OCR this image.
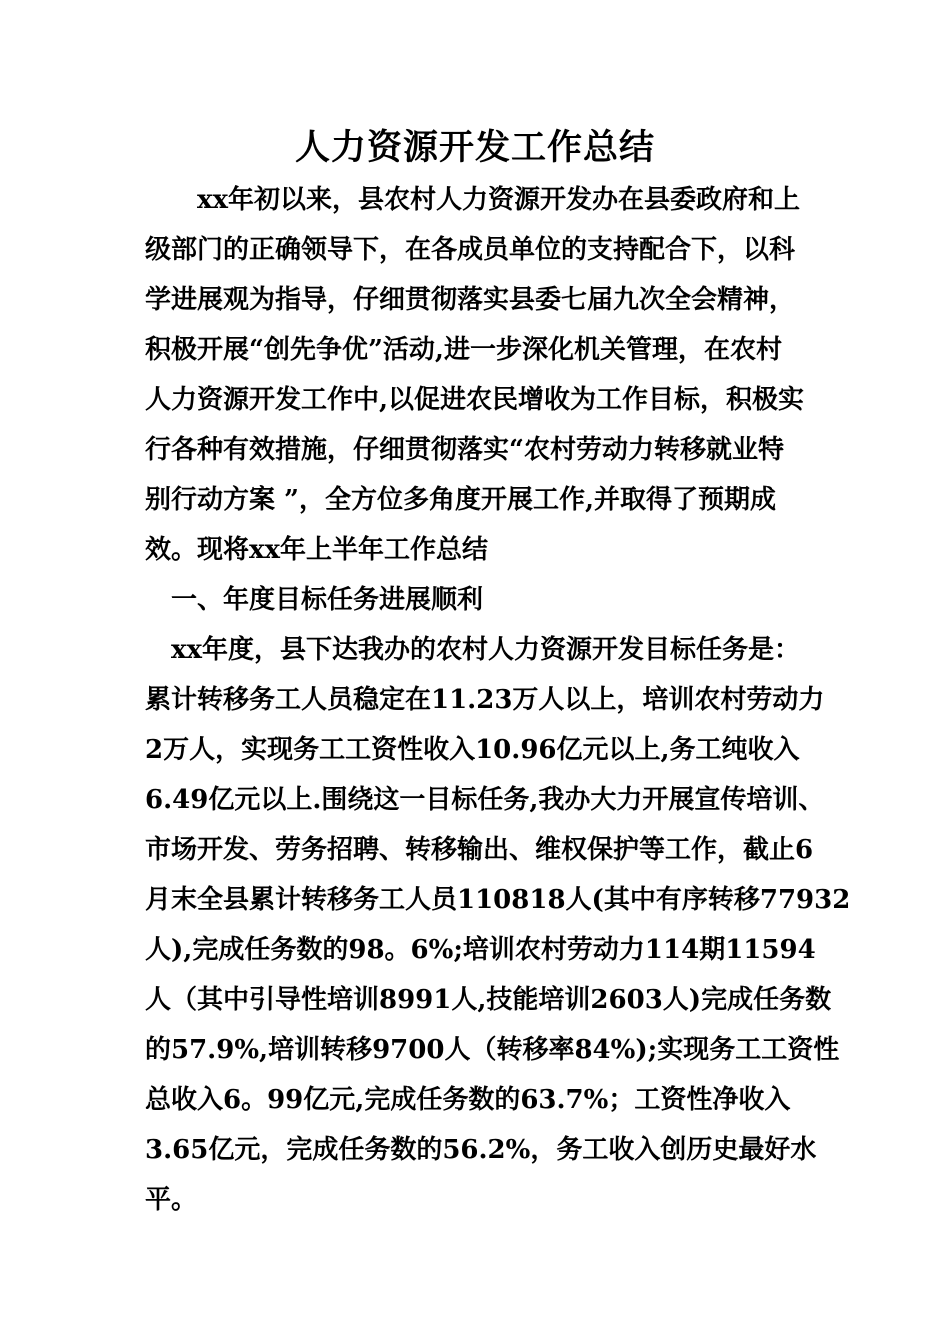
人力资源开发工作总结
xx年初以来，县农村人力资源开发办在县委政府和上
级部门的正确领导下，在各成员单位的支持配合下，以科
学进展观为指导，仔细贯彻落实县委七届九次全会精神，
积极开展“创先争优”活动,进一步深化机关管理，在农村
人力资源开发工作中,以促进农民增收为工作目标，积极实
行各种有效措施，仔细贯彻落实“农村劳动力转移就业特
别行动方案 ”，全方位多角度开展工作,并取得了预期成
效。现将xx年上半年工作总结
一、年度目标任务进展顺利
xx年度，县下达我办的农村人力资源开发目标任务是：
累计转移务工人员稳定在11.23万人以上，培训农村劳动力
2万人，实现务工工资性收入10.96亿元以上,务工纯收入
6.49亿元以上.围绕这一目标任务,我办大力开展宣传培训、
市场开发、劳务招聘、转移输出、维权保护等工作，截止6
月末全县累计转移务工人员110818人(其中有序转移77932
人),完成任务数的98。6%;培训农村劳动力114期11594
人（其中引导性培训8991人,技能培训2603人)完成任务数
的57.9%,培训转移9700人（转移率84%);实现务工工资性
总收入6。99亿元,完成任务数的63.7%；工资性净收入
3.65亿元，完成任务数的56.2%，务工收入创历史最好水
平。
